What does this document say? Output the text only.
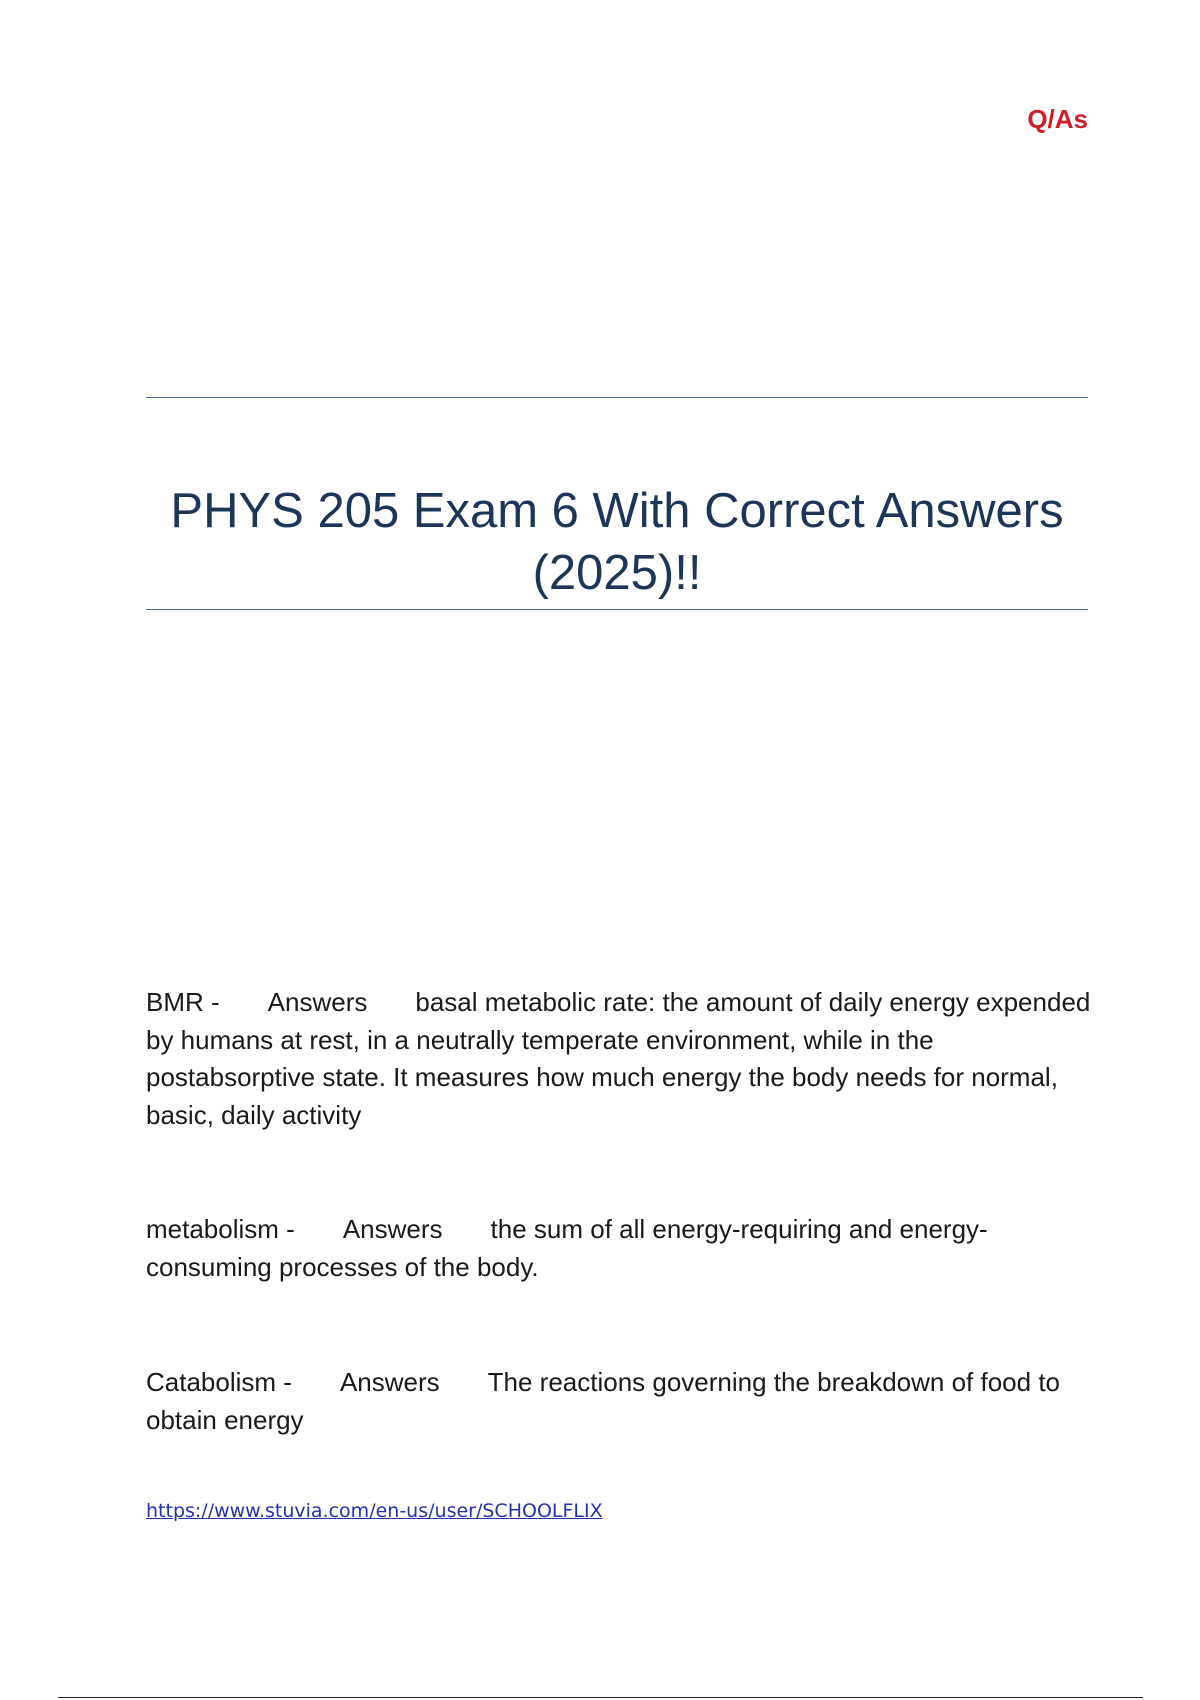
Q/As
PHYS 205 Exam 6 With Correct Answers (2025)!!
BMR - Answers basal metabolic rate: the amount of daily energy expended by humans at rest, in a neutrally temperate environment, while in the postabsorptive state. It measures how much energy the body needs for normal, basic, daily activity
metabolism - Answers the sum of all energy-requiring and energy-consuming processes of the body.
Catabolism - Answers The reactions governing the breakdown of food to obtain energy
https://www.stuvia.com/en-us/user/SCHOOLFLIX
